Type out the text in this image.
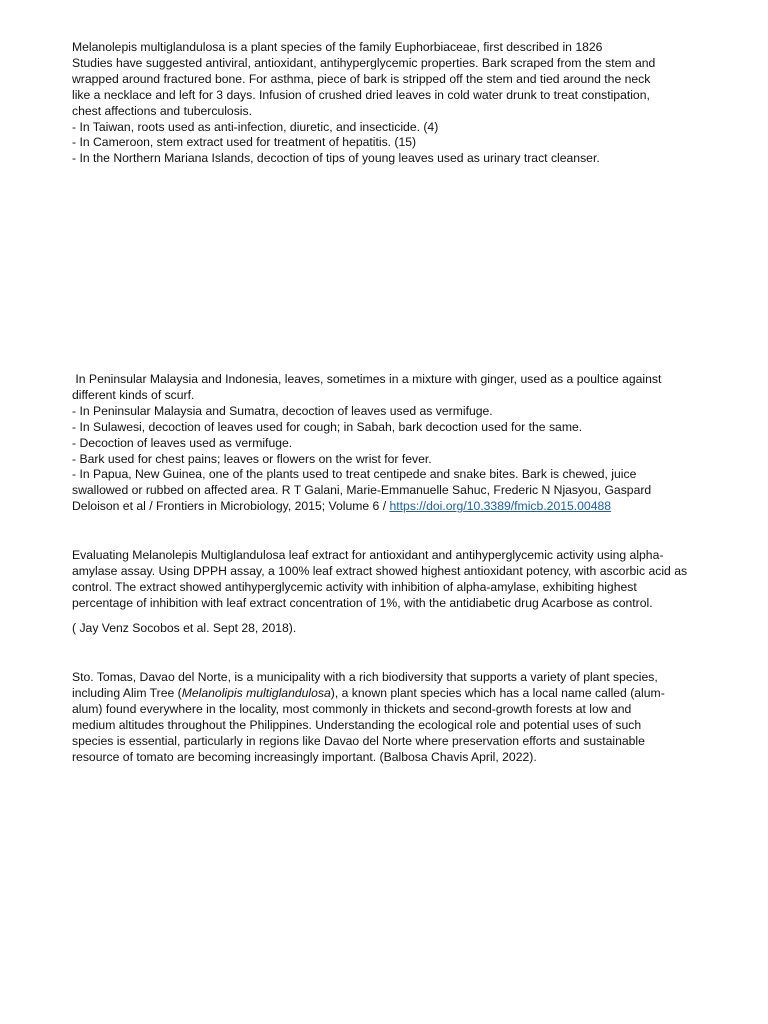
Melanolepis multiglandulosa is a plant species of the family Euphorbiaceae, first described in 1826
Studies have suggested antiviral, antioxidant, antihyperglycemic properties. Bark scraped from the stem and
wrapped around fractured bone. For asthma, piece of bark is stripped off the stem and tied around the neck
like a necklace and left for 3 days. Infusion of crushed dried leaves in cold water drunk to treat constipation,
chest affections and tuberculosis.
- In Taiwan, roots used as anti-infection, diuretic, and insecticide. (4)
- In Cameroon, stem extract used for treatment of hepatitis. (15)
- In the Northern Mariana Islands, decoction of tips of young leaves used as urinary tract cleanser.
In Peninsular Malaysia and Indonesia, leaves, sometimes in a mixture with ginger, used as a poultice against
different kinds of scurf.
- In Peninsular Malaysia and Sumatra, decoction of leaves used as vermifuge.
- In Sulawesi, decoction of leaves used for cough; in Sabah, bark decoction used for the same.
- Decoction of leaves used as vermifuge.
- Bark used for chest pains; leaves or flowers on the wrist for fever.
- In Papua, New Guinea, one of the plants used to treat centipede and snake bites. Bark is chewed, juice
swallowed or rubbed on affected area. R T Galani, Marie-Emmanuelle Sahuc, Frederic N Njasyou, Gaspard
Deloison et al / Frontiers in Microbiology, 2015; Volume 6 / https://doi.org/10.3389/fmicb.2015.00488
Evaluating Melanolepis Multiglandulosa leaf extract for antioxidant and antihyperglycemic activity using alpha-
amylase assay. Using DPPH assay, a 100% leaf extract showed highest antioxidant potency, with ascorbic acid as
control. The extract showed antihyperglycemic activity with inhibition of alpha-amylase, exhibiting highest
percentage of inhibition with leaf extract concentration of 1%, with the antidiabetic drug Acarbose as control.
( Jay Venz Socobos et al. Sept 28, 2018).
Sto. Tomas, Davao del Norte, is a municipality with a rich biodiversity that supports a variety of plant species,
including Alim Tree (Melanolipis multiglandulosa), a known plant species which has a local name called (alum-
alum) found everywhere in the locality, most commonly in thickets and second-growth forests at low and
medium altitudes throughout the Philippines. Understanding the ecological role and potential uses of such
species is essential, particularly in regions like Davao del Norte where preservation efforts and sustainable
resource of tomato are becoming increasingly important. (Balbosa Chavis April, 2022).
